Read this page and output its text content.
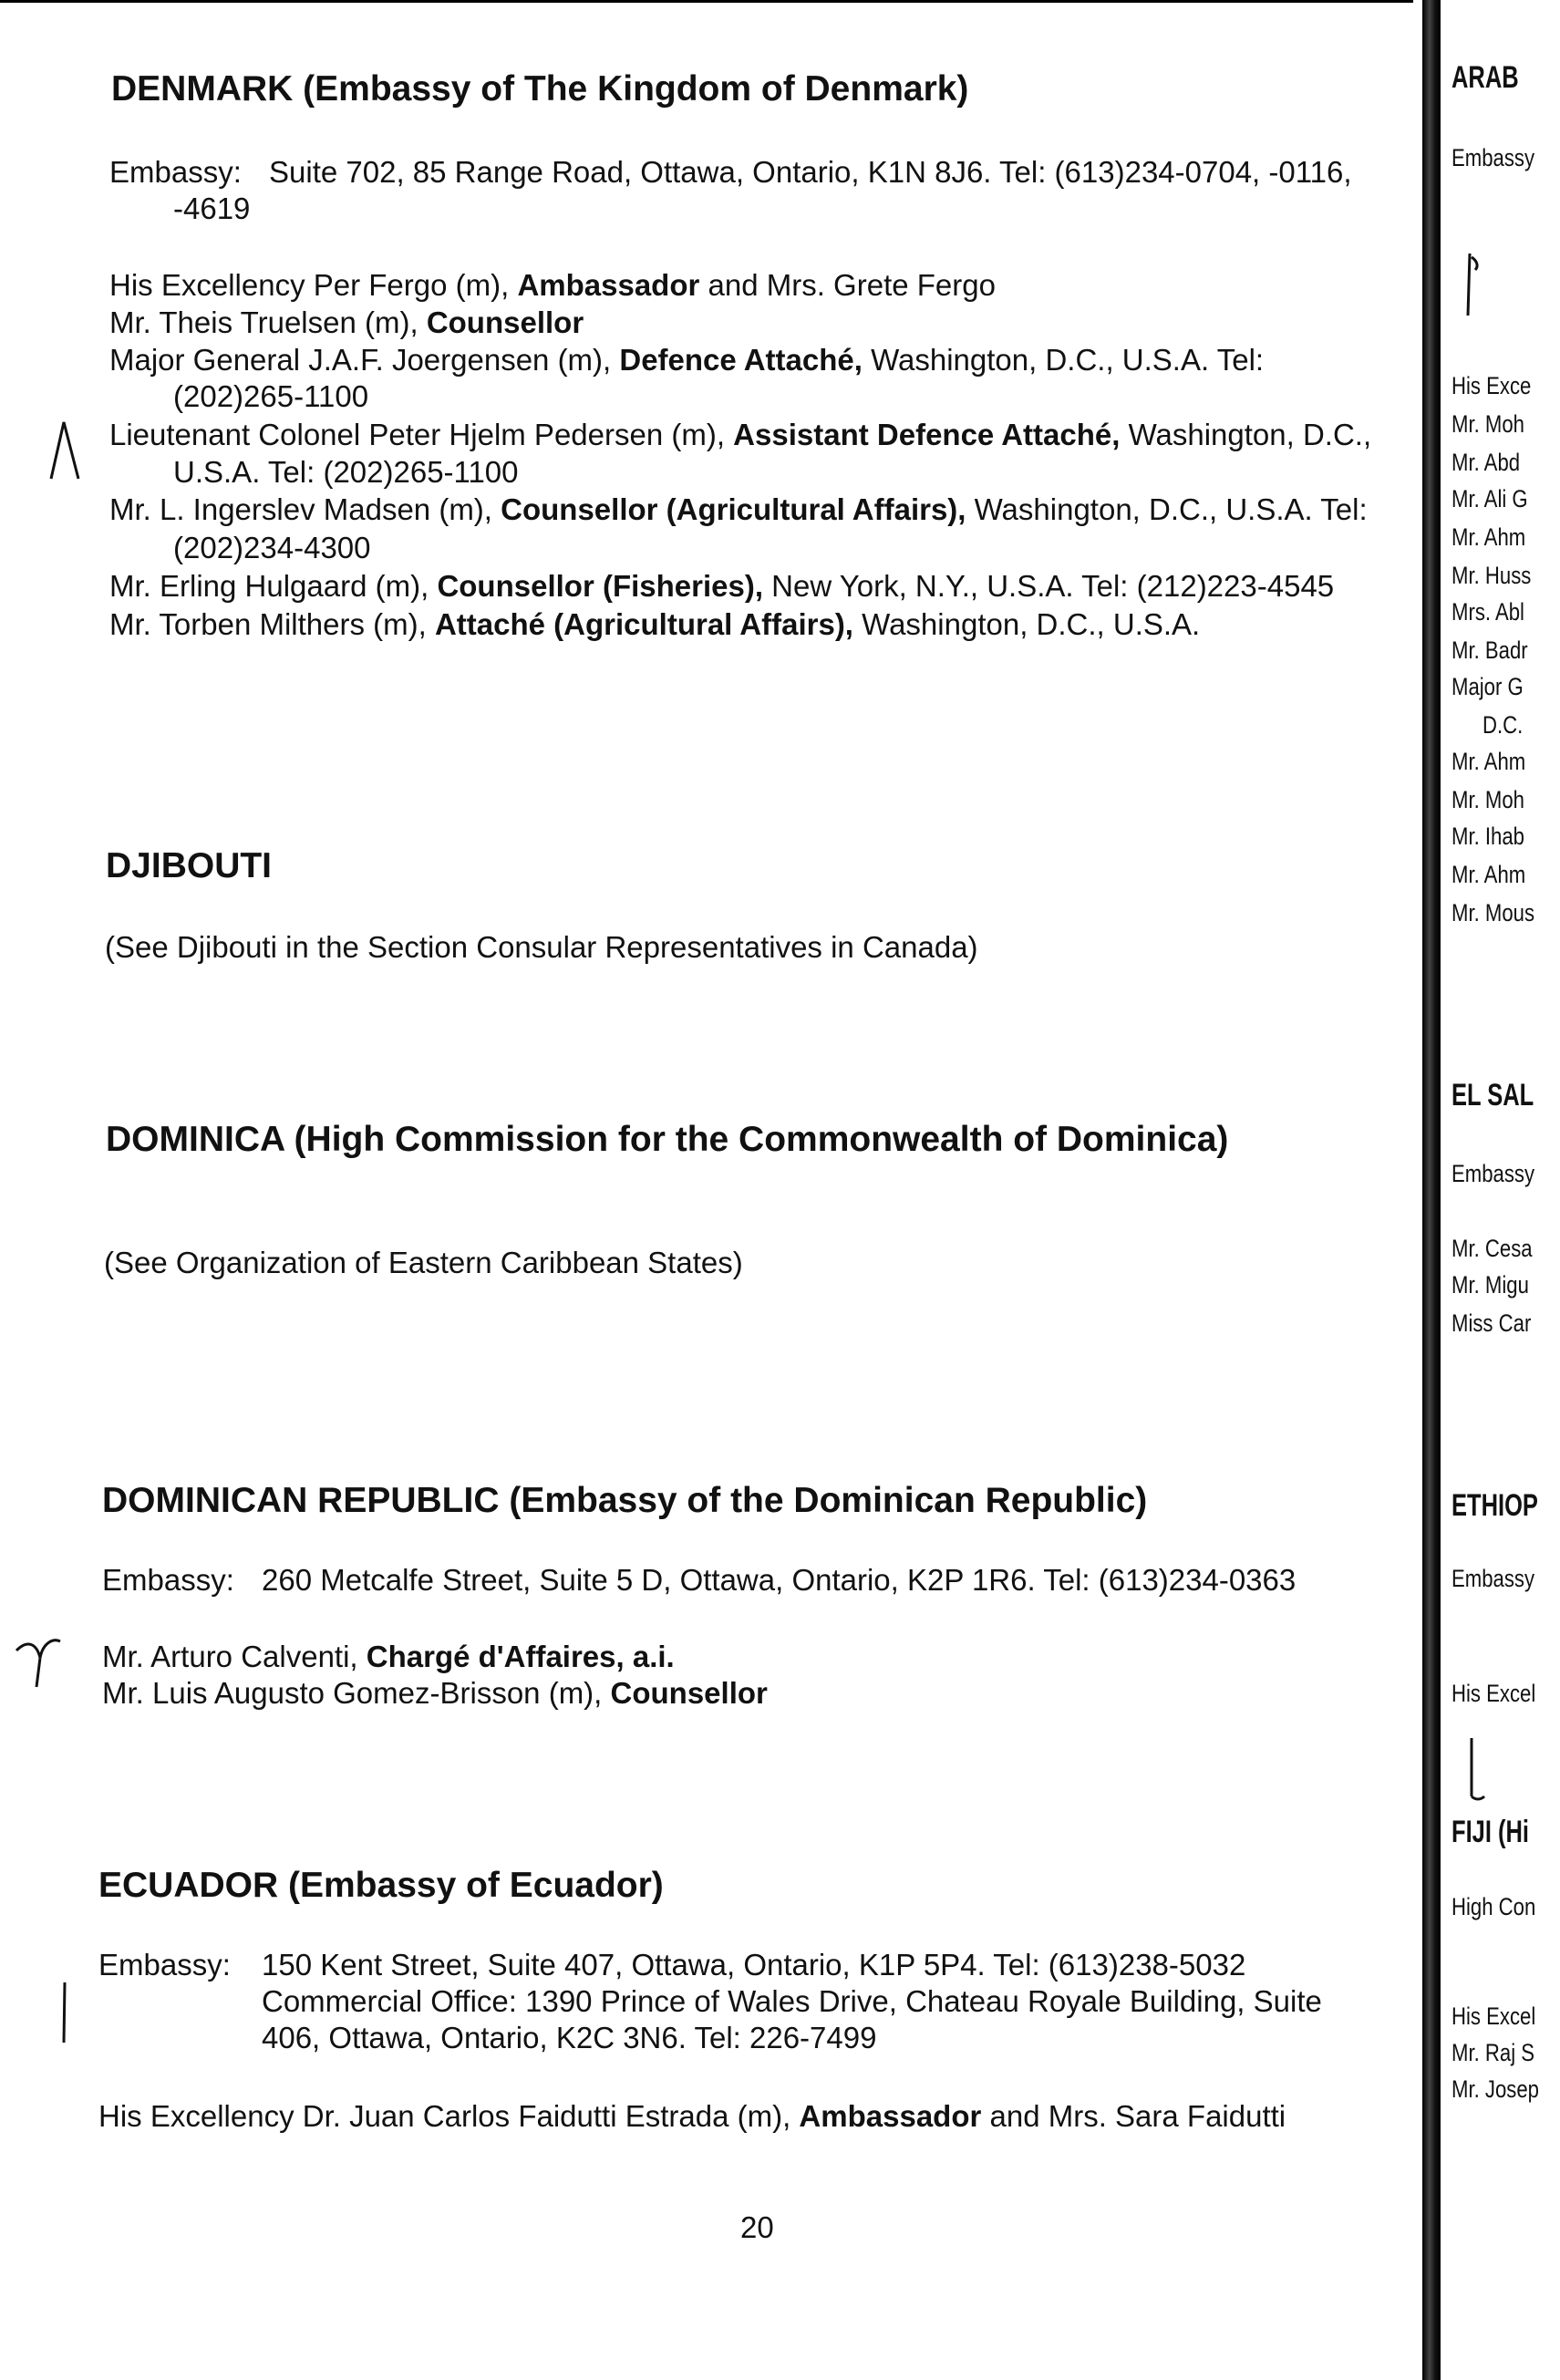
DENMARK (Embassy of The Kingdom of Denmark)
Embassy: Suite 702, 85 Range Road, Ottawa, Ontario, K1N 8J6. Tel: (613)234-0704, -0116,
-4619
His Excellency Per Fergo (m), Ambassador and Mrs. Grete Fergo
Mr. Theis Truelsen (m), Counsellor
Major General J.A.F. Joergensen (m), Defence Attaché, Washington, D.C., U.S.A. Tel:
(202)265-1100
Lieutenant Colonel Peter Hjelm Pedersen (m), Assistant Defence Attaché, Washington, D.C.,
U.S.A. Tel: (202)265-1100
Mr. L. Ingerslev Madsen (m), Counsellor (Agricultural Affairs), Washington, D.C., U.S.A. Tel:
(202)234-4300
Mr. Erling Hulgaard (m), Counsellor (Fisheries), New York, N.Y., U.S.A. Tel: (212)223-4545
Mr. Torben Milthers (m), Attaché (Agricultural Affairs), Washington, D.C., U.S.A.
DJIBOUTI
(See Djibouti in the Section Consular Representatives in Canada)
DOMINICA (High Commission for the Commonwealth of Dominica)
(See Organization of Eastern Caribbean States)
DOMINICAN REPUBLIC (Embassy of the Dominican Republic)
Embassy: 260 Metcalfe Street, Suite 5 D, Ottawa, Ontario, K2P 1R6. Tel: (613)234-0363
Mr. Arturo Calventi, Chargé d'Affaires, a.i.
Mr. Luis Augusto Gomez-Brisson (m), Counsellor
ECUADOR (Embassy of Ecuador)
Embassy: 150 Kent Street, Suite 407, Ottawa, Ontario, K1P 5P4. Tel: (613)238-5032
Commercial Office: 1390 Prince of Wales Drive, Chateau Royale Building, Suite
406, Ottawa, Ontario, K2C 3N6. Tel: 226-7499
His Excellency Dr. Juan Carlos Faidutti Estrada (m), Ambassador and Mrs. Sara Faidutti
20
ARAB
Embassy
His Exce
Mr. Moh
Mr. Abd
Mr. Ali G
Mr. Ahm
Mr. Huss
Mrs. Abl
Mr. Badr
Major G
D.C.
Mr. Ahm
Mr. Moh
Mr. Ihab
Mr. Ahm
Mr. Mous
EL SAL
Embassy
Mr. Cesa
Mr. Migu
Miss Car
ETHIOP
Embassy
His Excel
FIJI (Hi
High Con
His Excel
Mr. Raj S
Mr. Josep
